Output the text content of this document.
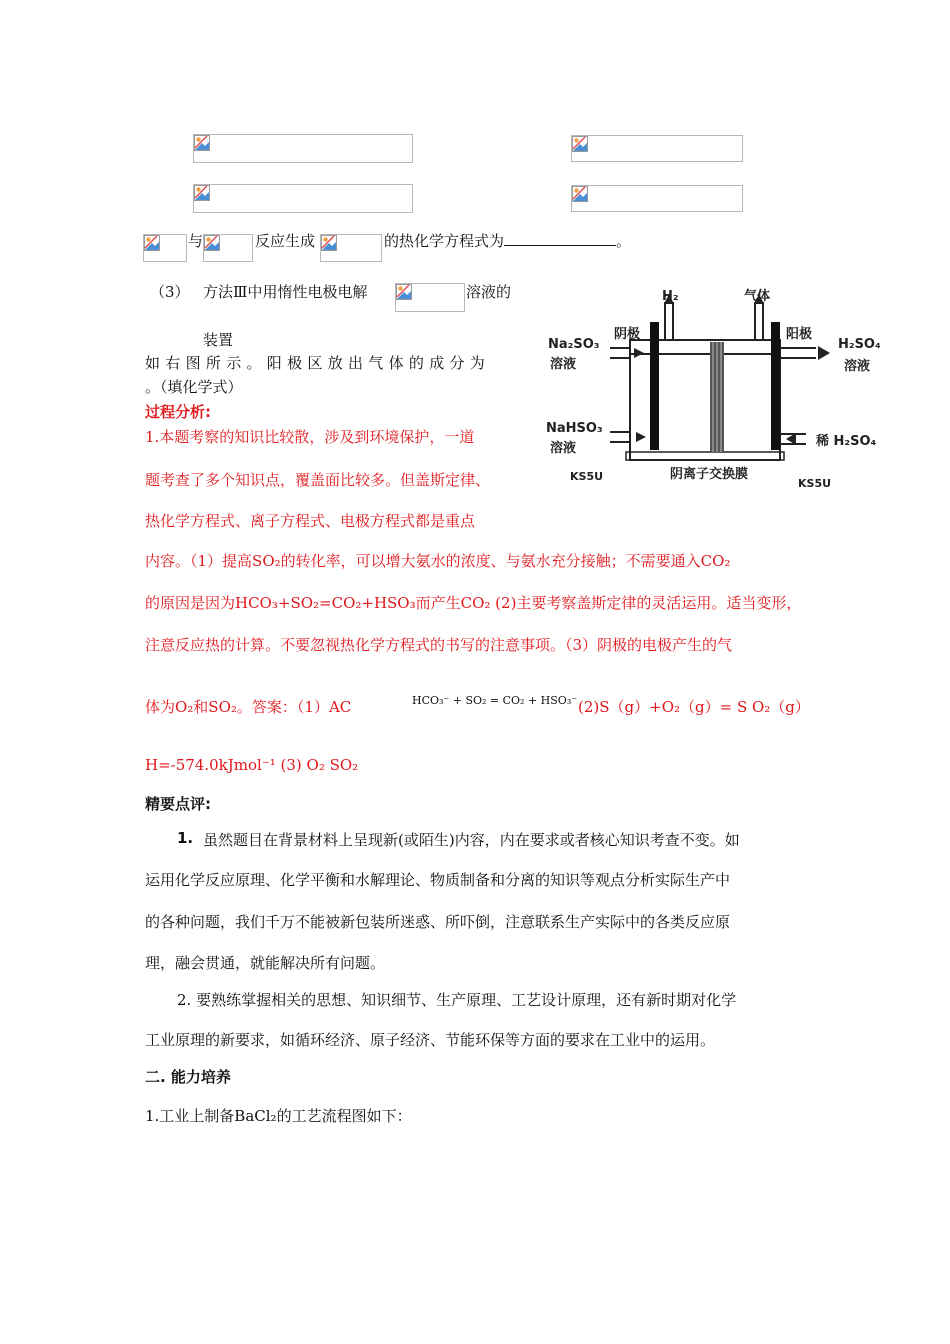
与	反应生成	的热化学方程式为	。
（3） 方法Ⅲ中用惰性电极电解	溶液的
装置
如右图所示。阳极区放出气体的成分为
。（填化学式）
H₂	气体
阴极	阳极
Na₂SO₃
溶液
H₂SO₄
溶液
NaHSO₃
溶液	稀 H₂SO₄
阴离子交换膜
KS5U
KS5U
过程分析:
1.本题考察的知识比较散，涉及到环境保护，一道
题考查了多个知识点，覆盖面比较多。但盖斯定律、
热化学方程式、离子方程式、电极方程式都是重点
内容。（1）提高SO₂的转化率，可以增大氨水的浓度、与氨水充分接触；不需要通入CO₂
的原因是因为HCO₃+SO₂=CO₂+HSO₃而产生CO₂ (2)主要考察盖斯定律的灵活运用。适当变形，
注意反应热的计算。不要忽视热化学方程式的书写的注意事项。（3）阴极的电极产生的气
体为O₂和SO₂。答案：（1）AC	HCO₃⁻ + SO₂ = CO₂ + HSO₃⁻ (2)S（g）+O₂（g）= S O₂（g）
H=-574.0kJmol⁻¹ (3) O₂ SO₂
精要点评:
1. 虽然题目在背景材料上呈现新(或陌生)内容，内在要求或者核心知识考查不变。如
运用化学反应原理、化学平衡和水解理论、物质制备和分离的知识等观点分析实际生产中
的各种问题，我们千万不能被新包装所迷惑、所吓倒，注意联系生产实际中的各类反应原
理，融会贯通，就能解决所有问题。
2. 要熟练掌握相关的思想、知识细节、生产原理、工艺设计原理，还有新时期对化学
工业原理的新要求，如循环经济、原子经济、节能环保等方面的要求在工业中的运用。
二. 能力培养
1.工业上制备BaCl₂的工艺流程图如下：
